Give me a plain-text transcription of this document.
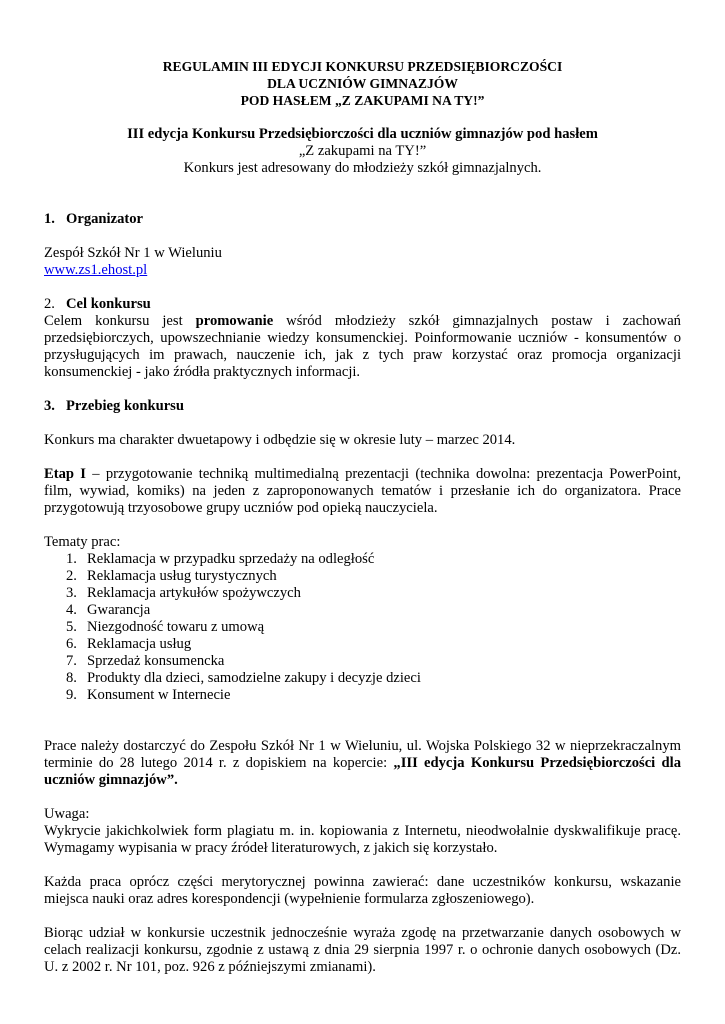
REGULAMIN III EDYCJI KONKURSU PRZEDSIĘBIORCZOŚCI
DLA UCZNIÓW GIMNAZJÓW
POD HASŁEM „Z ZAKUPAMI NA TY!”
III edycja Konkursu Przedsiębiorczości dla uczniów gimnazjów pod hasłem
„Z zakupami na TY!”
Konkurs jest adresowany do młodzieży szkół gimnazjalnych.
1. Organizator

Zespół Szkół Nr 1 w Wieluniu

www.zs1.ehost.pl

2. Cel konkursu

Celem konkursu jest promowanie wśród młodzieży szkół gimnazjalnych postaw i zachowań przedsiębiorczych, upowszechnianie wiedzy konsumenckiej. Poinformowanie uczniów - konsumentów o przysługujących im prawach, nauczenie ich, jak z tych praw korzystać oraz promocja organizacji konsumenckiej - jako źródła praktycznych informacji.

3. Przebieg konkursu

Konkurs ma charakter dwuetapowy i odbędzie się w okresie luty – marzec 2014.

Etap I – przygotowanie techniką multimedialną prezentacji (technika dowolna: prezentacja PowerPoint, film, wywiad, komiks) na jeden z zaproponowanych tematów i przesłanie ich do organizatora. Prace przygotowują trzyosobowe grupy uczniów pod opieką nauczyciela.

Tematy prac:

1. Reklamacja w przypadku sprzedaży na odległość
2. Reklamacja usług turystycznych
3. Reklamacja artykułów spożywczych
4. Gwarancja
5. Niezgodność towaru z umową
6. Reklamacja usług
7. Sprzedaż konsumencka
8. Produkty dla dzieci, samodzielne zakupy i decyzje dzieci
9. Konsument w Internecie

Prace należy dostarczyć do Zespołu Szkół Nr 1 w Wieluniu, ul. Wojska Polskiego 32 w nieprzekraczalnym terminie do 28 lutego 2014 r. z dopiskiem na kopercie: „III edycja Konkursu Przedsiębiorczości dla uczniów gimnazjów”.

Uwaga:

Wykrycie jakichkolwiek form plagiatu m. in. kopiowania z Internetu, nieodwołalnie dyskwalifikuje pracę. Wymagamy wypisania w pracy źródeł literaturowych, z jakich się korzystało.

Każda praca oprócz części merytorycznej powinna zawierać: dane uczestników konkursu, wskazanie miejsca nauki oraz adres korespondencji (wypełnienie formularza zgłoszeniowego).

Biorąc udział w konkursie uczestnik jednocześnie wyraża zgodę na przetwarzanie danych osobowych w celach realizacji konkursu, zgodnie z ustawą z dnia 29 sierpnia 1997 r. o ochronie danych osobowych (Dz. U. z 2002 r. Nr 101, poz. 926 z późniejszymi zmianami).
